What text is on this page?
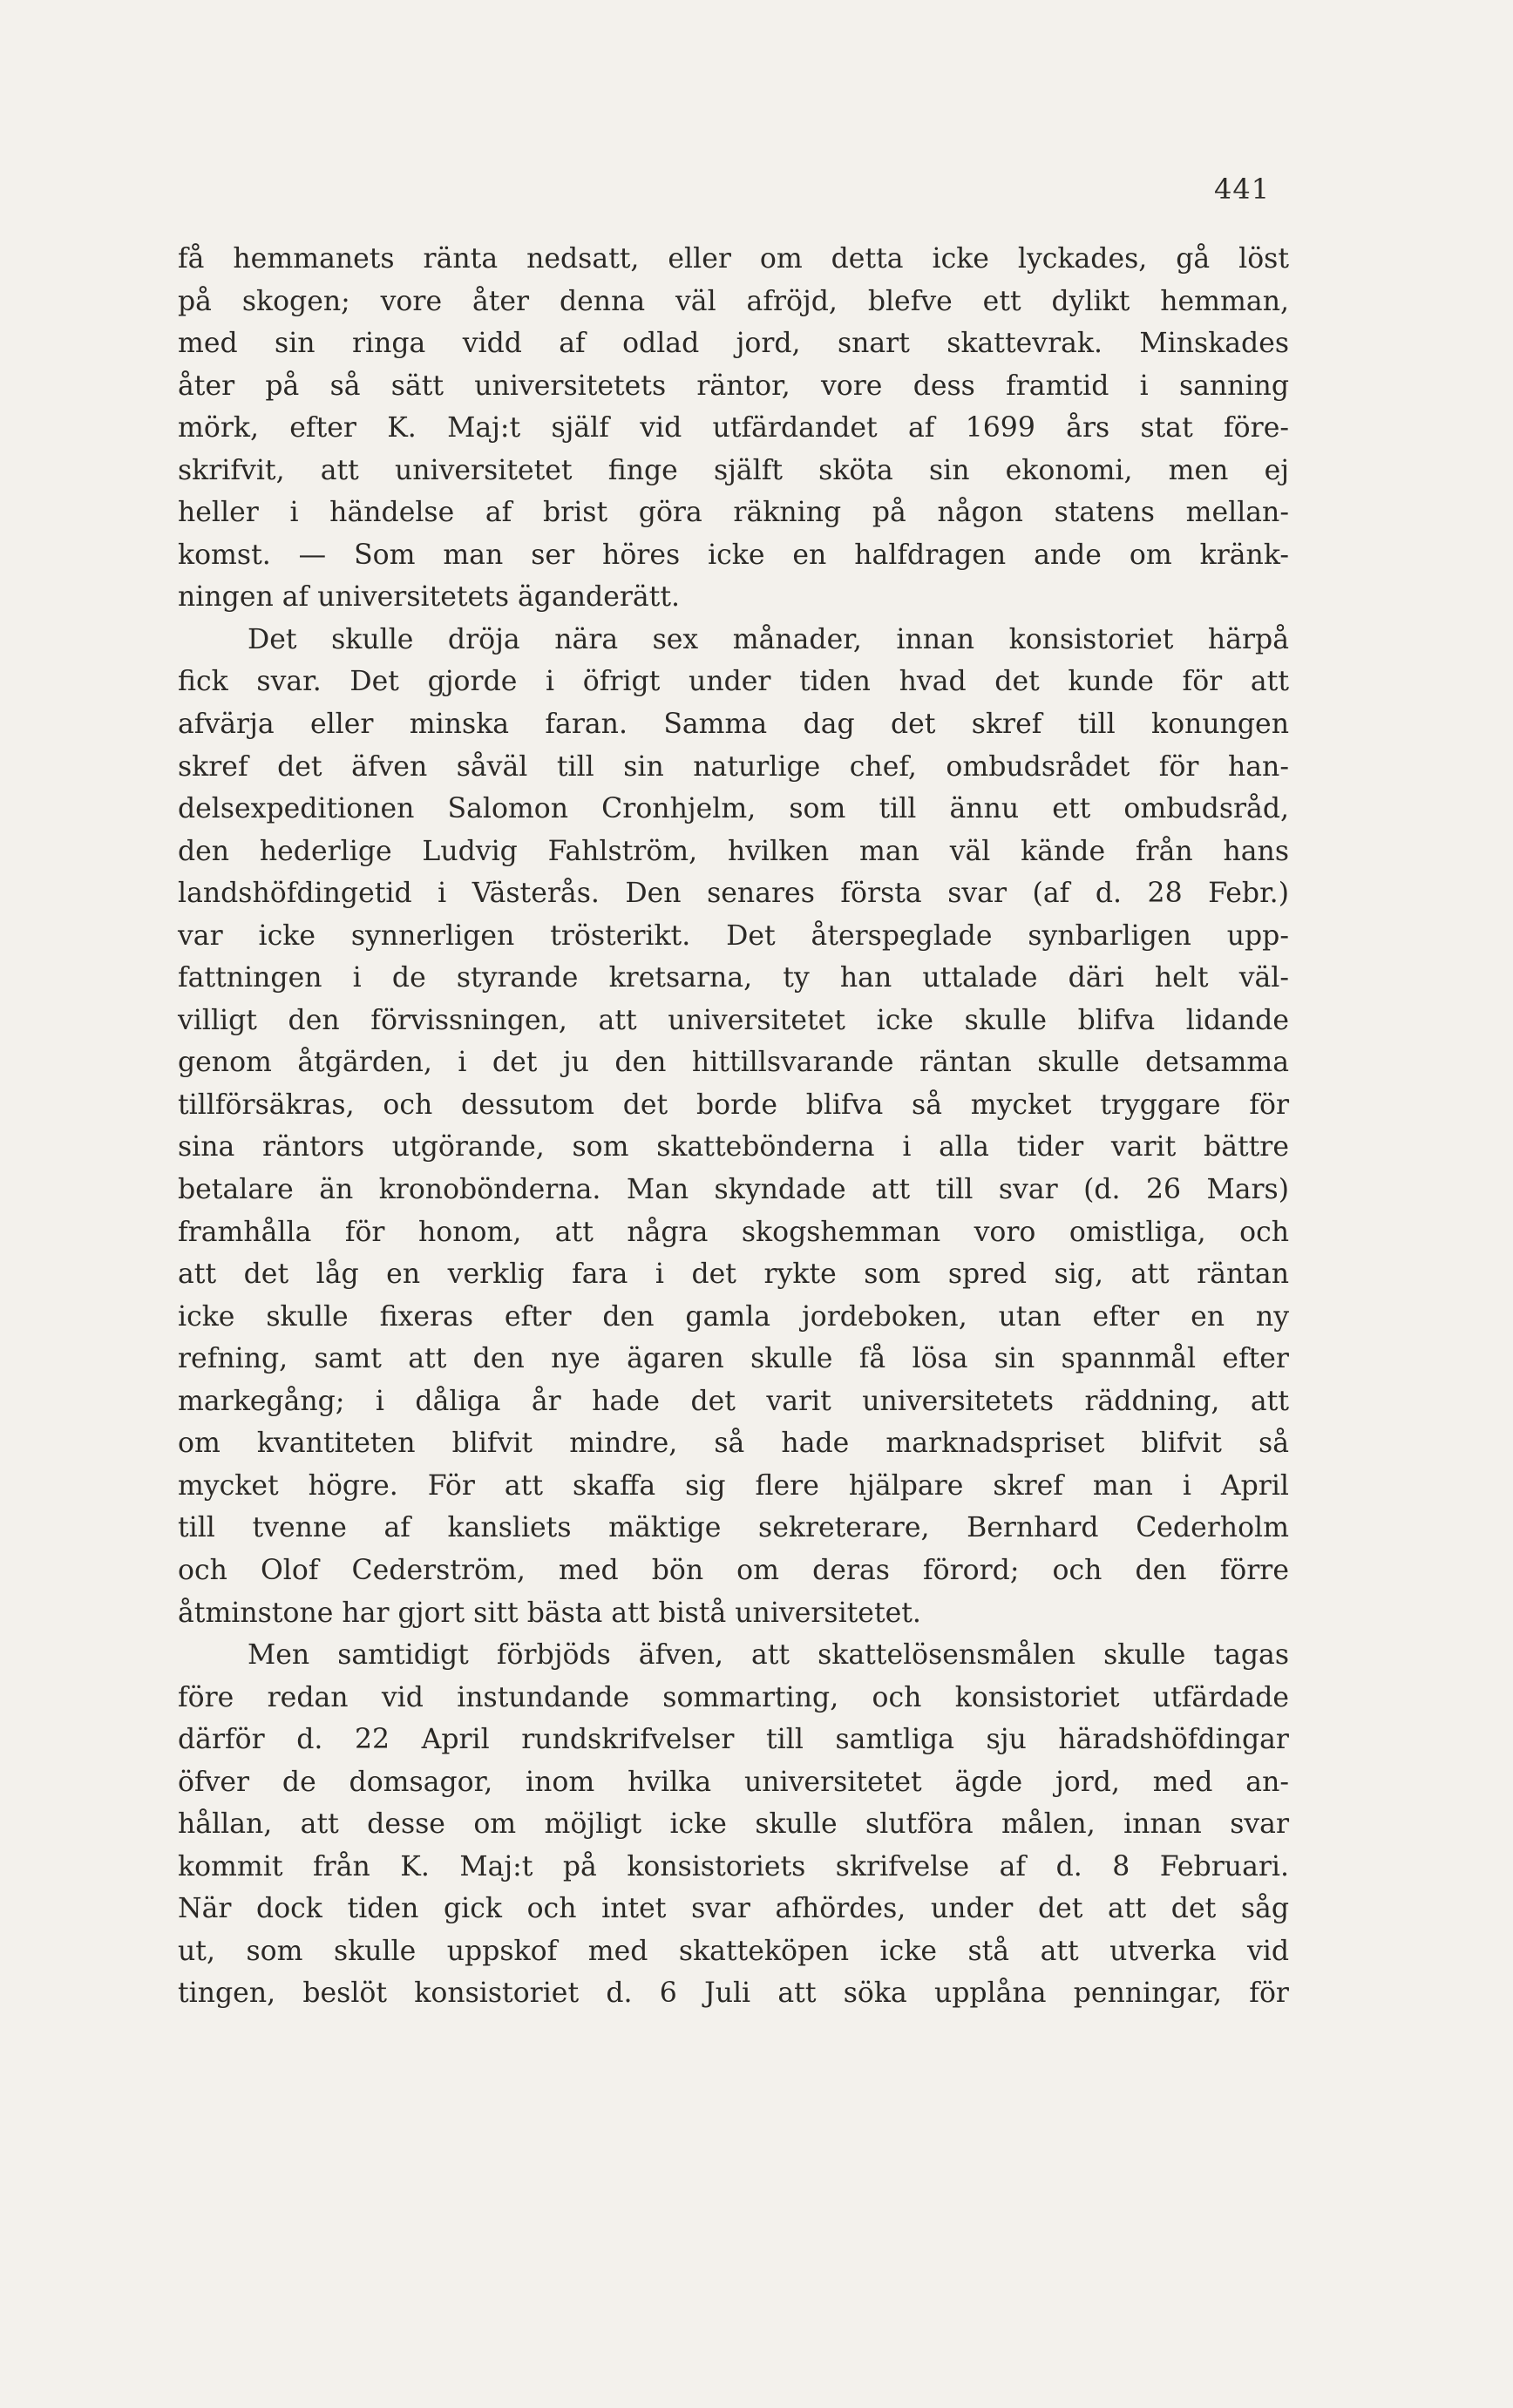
441
få hemmanets ränta nedsatt, eller om detta icke lyckades, gå löst
på skogen; vore åter denna väl afröjd, blefve ett dylikt hemman,
med sin ringa vidd af odlad jord, snart skattevrak. Minskades
åter på så sätt universitetets räntor, vore dess framtid i sanning
mörk, efter K. Maj:t själf vid utfärdandet af 1699 års stat före-
skrifvit, att universitetet finge själft sköta sin ekonomi, men ej
heller i händelse af brist göra räkning på någon statens mellan-
komst. — Som man ser höres icke en halfdragen ande om kränk-
ningen af universitetets äganderätt.
Det skulle dröja nära sex månader, innan konsistoriet härpå
fick svar. Det gjorde i öfrigt under tiden hvad det kunde för att
afvärja eller minska faran. Samma dag det skref till konungen
skref det äfven såväl till sin naturlige chef, ombudsrådet för han-
delsexpeditionen Salomon Cronhjelm, som till ännu ett ombudsråd,
den hederlige Ludvig Fahlström, hvilken man väl kände från hans
landshöfdingetid i Västerås. Den senares första svar (af d. 28 Febr.)
var icke synnerligen trösterikt. Det återspeglade synbarligen upp-
fattningen i de styrande kretsarna, ty han uttalade däri helt väl-
villigt den förvissningen, att universitetet icke skulle blifva lidande
genom åtgärden, i det ju den hittillsvarande räntan skulle detsamma
tillförsäkras, och dessutom det borde blifva så mycket tryggare för
sina räntors utgörande, som skattebönderna i alla tider varit bättre
betalare än kronobönderna. Man skyndade att till svar (d. 26 Mars)
framhålla för honom, att några skogshemman voro omistliga, och
att det låg en verklig fara i det rykte som spred sig, att räntan
icke skulle fixeras efter den gamla jordeboken, utan efter en ny
refning, samt att den nye ägaren skulle få lösa sin spannmål efter
markegång; i dåliga år hade det varit universitetets räddning, att
om kvantiteten blifvit mindre, så hade marknadspriset blifvit så
mycket högre. För att skaffa sig flere hjälpare skref man i April
till tvenne af kansliets mäktige sekreterare, Bernhard Cederholm
och Olof Cederström, med bön om deras förord; och den förre
åtminstone har gjort sitt bästa att bistå universitetet.
Men samtidigt förbjöds äfven, att skattelösensmålen skulle tagas
före redan vid instundande sommarting, och konsistoriet utfärdade
därför d. 22 April rundskrifvelser till samtliga sju häradshöfdingar
öfver de domsagor, inom hvilka universitetet ägde jord, med an-
hållan, att desse om möjligt icke skulle slutföra målen, innan svar
kommit från K. Maj:t på konsistoriets skrifvelse af d. 8 Februari.
När dock tiden gick och intet svar afhördes, under det att det såg
ut, som skulle uppskof med skatteköpen icke stå att utverka vid
tingen, beslöt konsistoriet d. 6 Juli att söka upplåna penningar, för
